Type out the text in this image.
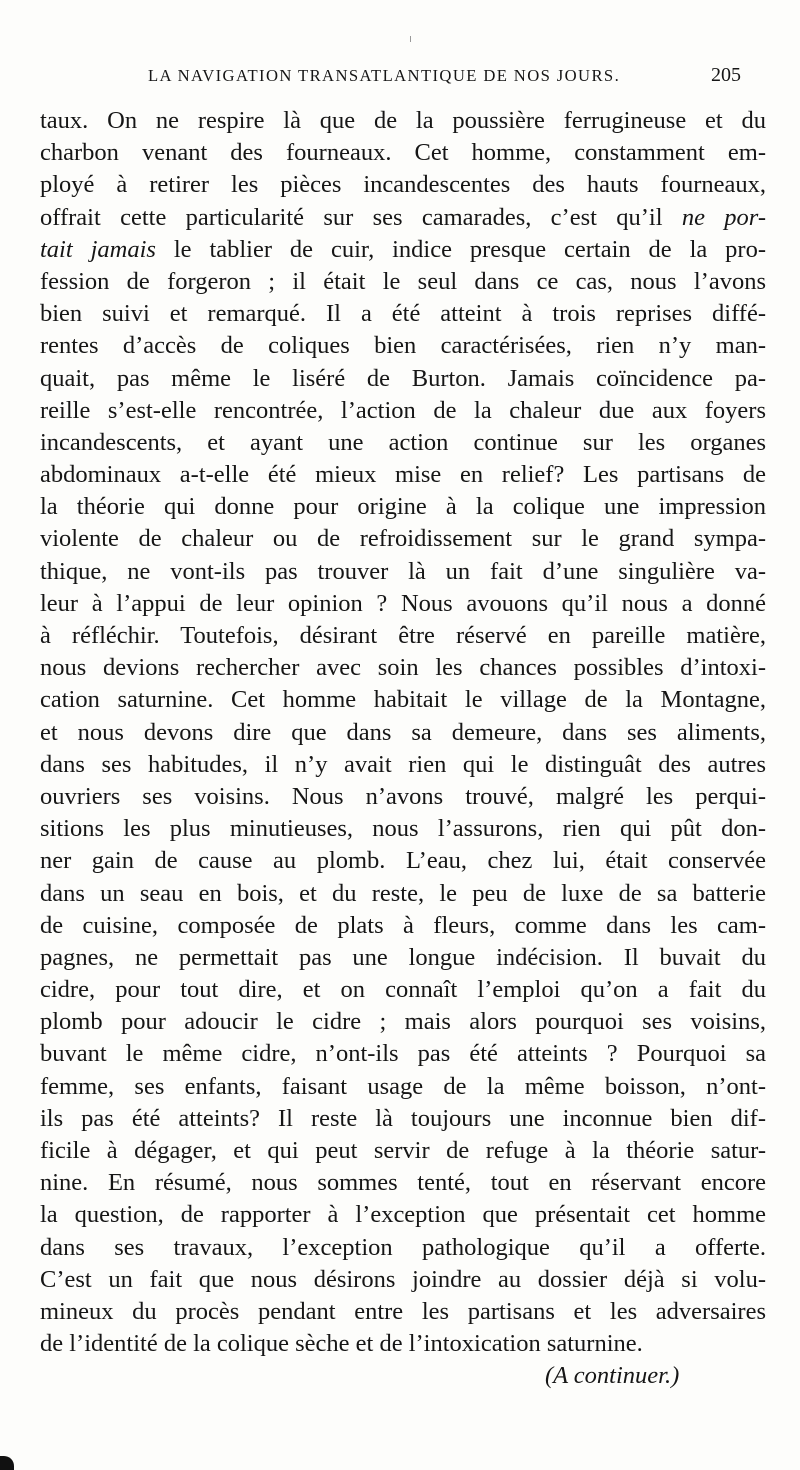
LA NAVIGATION TRANSATLANTIQUE DE NOS JOURS.	205
taux. On ne respire là que de la poussière ferrugineuse et du
charbon venant des fourneaux. Cet homme, constamment em-
ployé à retirer les pièces incandescentes des hauts fourneaux,
offrait cette particularité sur ses camarades, c’est qu’il ne por-
tait jamais le tablier de cuir, indice presque certain de la pro-
fession de forgeron ; il était le seul dans ce cas, nous l’avons
bien suivi et remarqué. Il a été atteint à trois reprises diffé-
rentes d’accès de coliques bien caractérisées, rien n’y man-
quait, pas même le liséré de Burton. Jamais coïncidence pa-
reille s’est-elle rencontrée, l’action de la chaleur due aux foyers
incandescents, et ayant une action continue sur les organes
abdominaux a-t-elle été mieux mise en relief? Les partisans de
la théorie qui donne pour origine à la colique une impression
violente de chaleur ou de refroidissement sur le grand sympa-
thique, ne vont-ils pas trouver là un fait d’une singulière va-
leur à l’appui de leur opinion ? Nous avouons qu’il nous a donné
à réfléchir. Toutefois, désirant être réservé en pareille matière,
nous devions rechercher avec soin les chances possibles d’intoxi-
cation saturnine. Cet homme habitait le village de la Montagne,
et nous devons dire que dans sa demeure, dans ses aliments,
dans ses habitudes, il n’y avait rien qui le distinguât des autres
ouvriers ses voisins. Nous n’avons trouvé, malgré les perqui-
sitions les plus minutieuses, nous l’assurons, rien qui pût don-
ner gain de cause au plomb. L’eau, chez lui, était conservée
dans un seau en bois, et du reste, le peu de luxe de sa batterie
de cuisine, composée de plats à fleurs, comme dans les cam-
pagnes, ne permettait pas une longue indécision. Il buvait du
cidre, pour tout dire, et on connaît l’emploi qu’on a fait du
plomb pour adoucir le cidre ; mais alors pourquoi ses voisins,
buvant le même cidre, n’ont-ils pas été atteints ? Pourquoi sa
femme, ses enfants, faisant usage de la même boisson, n’ont-
ils pas été atteints? Il reste là toujours une inconnue bien dif-
ficile à dégager, et qui peut servir de refuge à la théorie satur-
nine. En résumé, nous sommes tenté, tout en réservant encore
la question, de rapporter à l’exception que présentait cet homme
dans ses travaux, l’exception pathologique qu’il a offerte.
C’est un fait que nous désirons joindre au dossier déjà si volu-
mineux du procès pendant entre les partisans et les adversaires
de l’identité de la colique sèche et de l’intoxication saturnine.
(A continuer.)
